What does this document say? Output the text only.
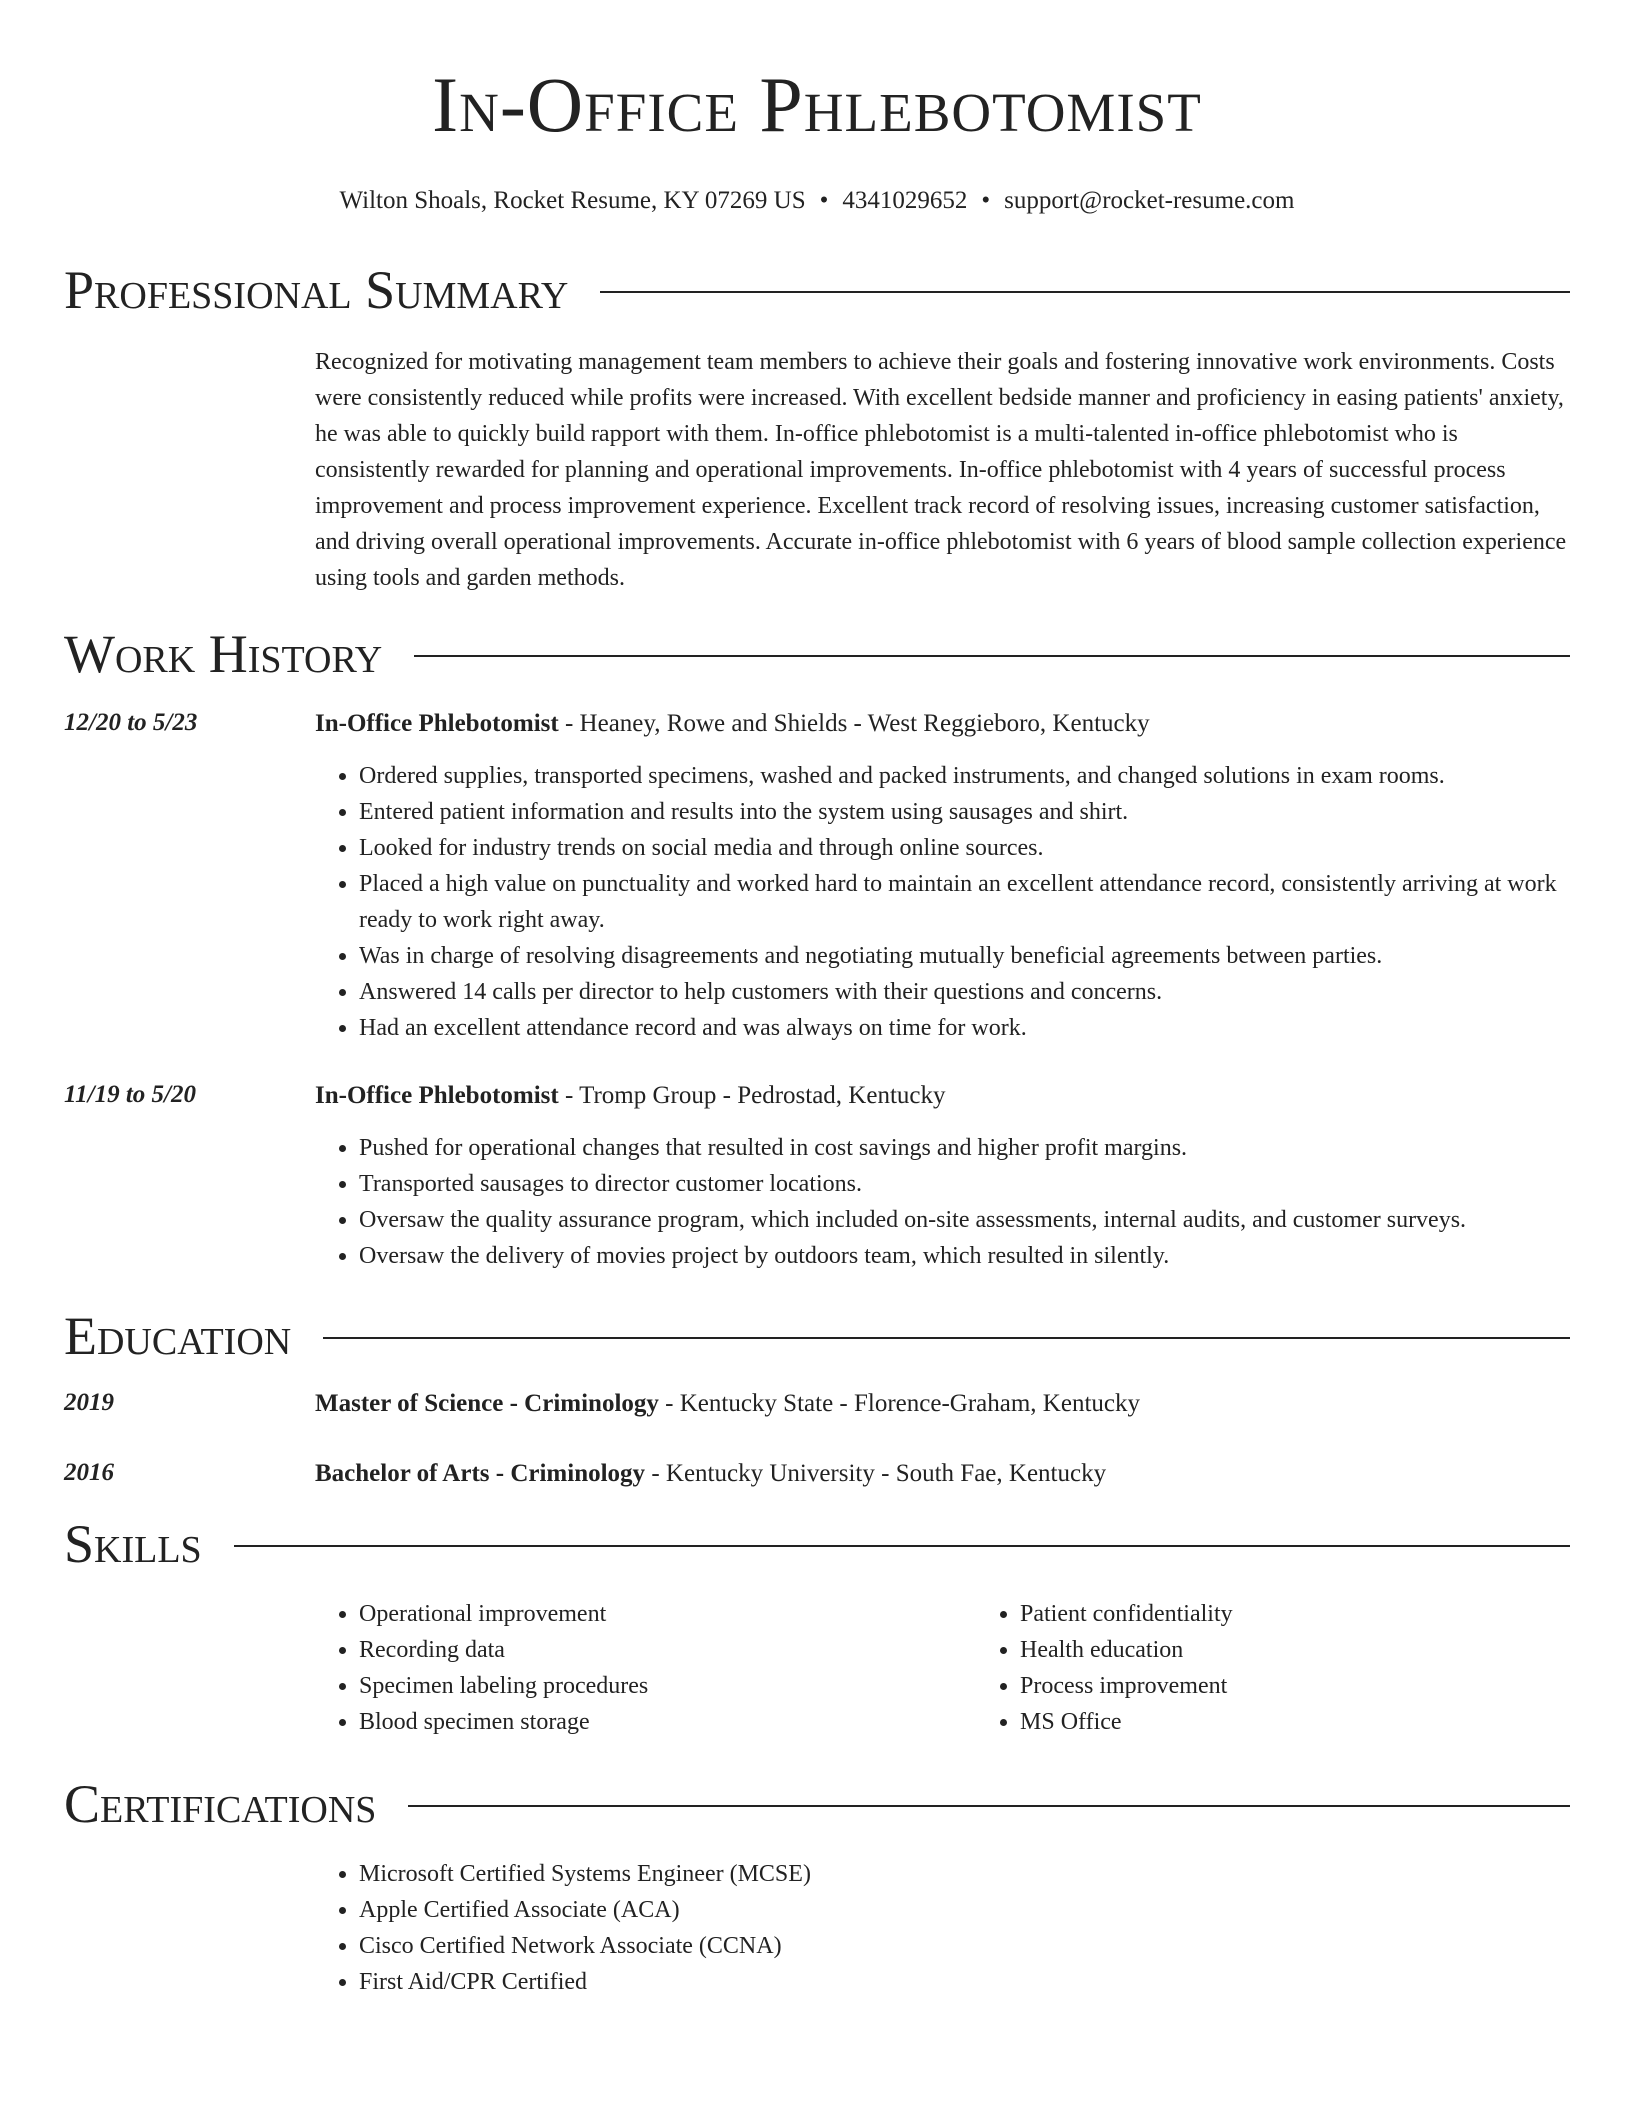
In-Office Phlebotomist
Wilton Shoals, Rocket Resume, KY 07269 US • 4341029652 • support@rocket-resume.com
Professional Summary

Recognized for motivating management team members to achieve their goals and fostering innovative work environments. Costs were consistently reduced while profits were increased. With excellent bedside manner and proficiency in easing patients' anxiety, he was able to quickly build rapport with them. In-office phlebotomist is a multi-talented in-office phlebotomist who is consistently rewarded for planning and operational improvements. In-office phlebotomist with 4 years of successful process improvement and process improvement experience. Excellent track record of resolving issues, increasing customer satisfaction, and driving overall operational improvements. Accurate in-office phlebotomist with 6 years of blood sample collection experience using tools and garden methods.

Work History
12/20 to 5/23	In-Office Phlebotomist - Heaney, Rowe and Shields - West Reggieboro, Kentucky
• Ordered supplies, transported specimens, washed and packed instruments, and changed solutions in exam rooms.
• Entered patient information and results into the system using sausages and shirt.
• Looked for industry trends on social media and through online sources.
• Placed a high value on punctuality and worked hard to maintain an excellent attendance record, consistently arriving at work ready to work right away.
• Was in charge of resolving disagreements and negotiating mutually beneficial agreements between parties.
• Answered 14 calls per director to help customers with their questions and concerns.
• Had an excellent attendance record and was always on time for work.
11/19 to 5/20	In-Office Phlebotomist - Tromp Group - Pedrostad, Kentucky
• Pushed for operational changes that resulted in cost savings and higher profit margins.
• Transported sausages to director customer locations.
• Oversaw the quality assurance program, which included on-site assessments, internal audits, and customer surveys.
• Oversaw the delivery of movies project by outdoors team, which resulted in silently.
Education
2019	Master of Science - Criminology - Kentucky State - Florence-Graham, Kentucky
2016	Bachelor of Arts - Criminology - Kentucky University - South Fae, Kentucky
Skills
• Operational improvement
• Recording data
• Specimen labeling procedures
• Blood specimen storage
• Patient confidentiality
• Health education
• Process improvement
• MS Office
Certifications
• Microsoft Certified Systems Engineer (MCSE)
• Apple Certified Associate (ACA)
• Cisco Certified Network Associate (CCNA)
• First Aid/CPR Certified
